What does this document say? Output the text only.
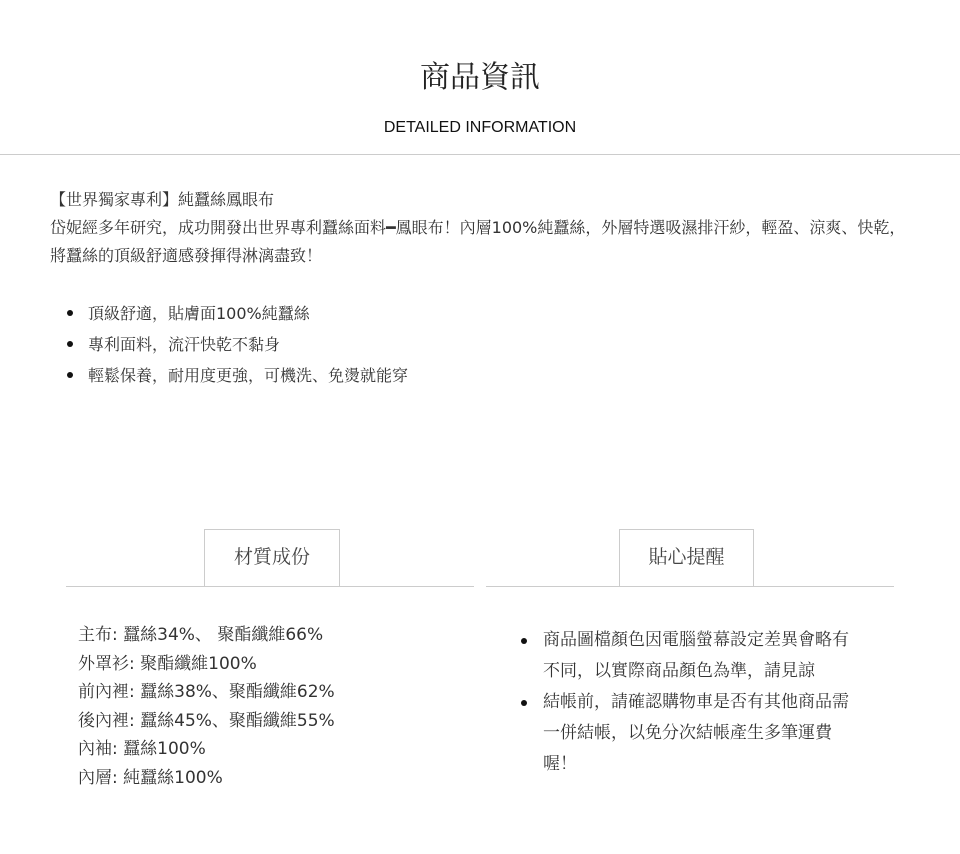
商品資訊
DETAILED INFORMATION

【世界獨家專利】純蠶絲鳳眼布

岱妮經多年研究，成功開發出世界專利蠶絲面料━鳳眼布！內層100%純蠶絲，外層特選吸濕排汗紗，輕盈、涼爽、快乾，將蠶絲的頂級舒適感發揮得淋漓盡致！

頂級舒適，貼膚面100%純蠶絲
專利面料，流汗快乾不黏身
輕鬆保養，耐用度更強，可機洗、免燙就能穿
材質成份	貼心提醒
主布: 蠶絲34%、 聚酯纖維66%
外罩衫: 聚酯纖維100%
前內裡: 蠶絲38%、聚酯纖維62%
後內裡: 蠶絲45%、聚酯纖維55%
內袖: 蠶絲100%
內層: 純蠶絲100%
商品圖檔顏色因電腦螢幕設定差異會略有不同，以實際商品顏色為準，請見諒
結帳前，請確認購物車是否有其他商品需一併結帳，以免分次結帳產生多筆運費喔！
